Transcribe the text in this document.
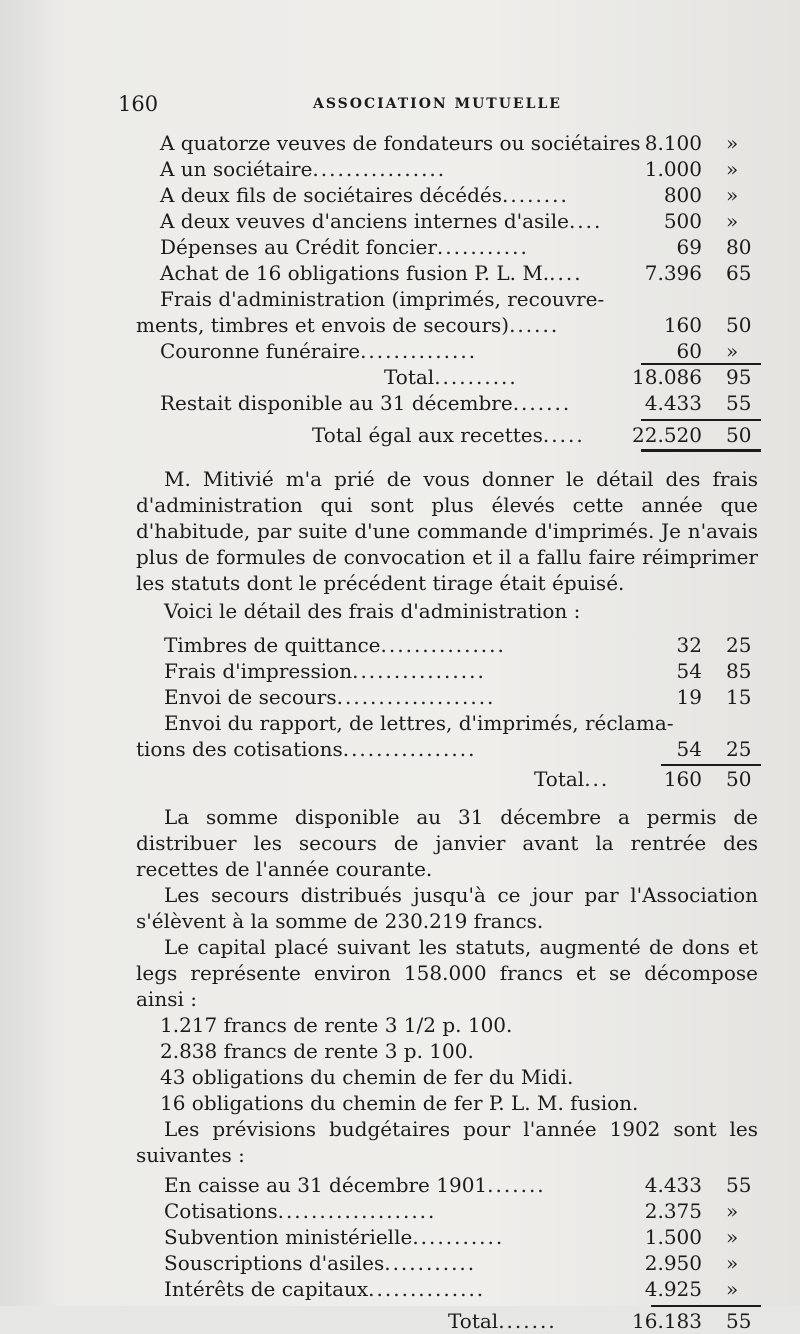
160	ASSOCIATION MUTUELLE
A quatorze veuves de fondateurs ou sociétaires 8.100 »
A un sociétaire................	1.000 »
A deux fils de sociétaires décédés........	800 »
A deux veuves d'anciens internes d'asile....	500 »
Dépenses au Crédit foncier...........	69 80
Achat de 16 obligations fusion P. L. M.....	7.396 65
Frais d'administration (imprimés, recouvre-
ments, timbres et envois de secours)......	160 50
Couronne funéraire..............	60 »
Total..........	18.086 95
Restait disponible au 31 décembre.......	4.433 55
Total égal aux recettes..... 22.520 50

M. Mitivié m'a prié de vous donner le détail des frais d'administration qui sont plus élevés cette année que d'habitude, par suite d'une commande d'imprimés. Je n'avais plus de formules de convocation et il a fallu faire réimprimer les statuts dont le précédent tirage était épuisé.

Voici le détail des frais d'administration :

Timbres de quittance...............	32 25
Frais d'impression................	54 85
Envoi de secours...................	19 15
Envoi du rapport, de lettres, d'imprimés, réclama-
tions des cotisations................	54 25
Total...	160 50

La somme disponible au 31 décembre a permis de distribuer les secours de janvier avant la rentrée des recettes de l'année courante.

Les secours distribués jusqu'à ce jour par l'Association s'élèvent à la somme de 230.219 francs.

Le capital placé suivant les statuts, augmenté de dons et legs représente environ 158.000 francs et se décompose ainsi :

1.217 francs de rente 3 1/2 p. 100.
2.838 francs de rente 3 p. 100.
43 obligations du chemin de fer du Midi.
16 obligations du chemin de fer P. L. M. fusion.

Les prévisions budgétaires pour l'année 1902 sont les suivantes :

En caisse au 31 décembre 1901.......	4.433 55
Cotisations...................	2.375 »
Subvention ministérielle...........	1.500 »
Souscriptions d'asiles...........	2.950 »
Intérêts de capitaux..............	4.925 »
Total.......	16.183 55
